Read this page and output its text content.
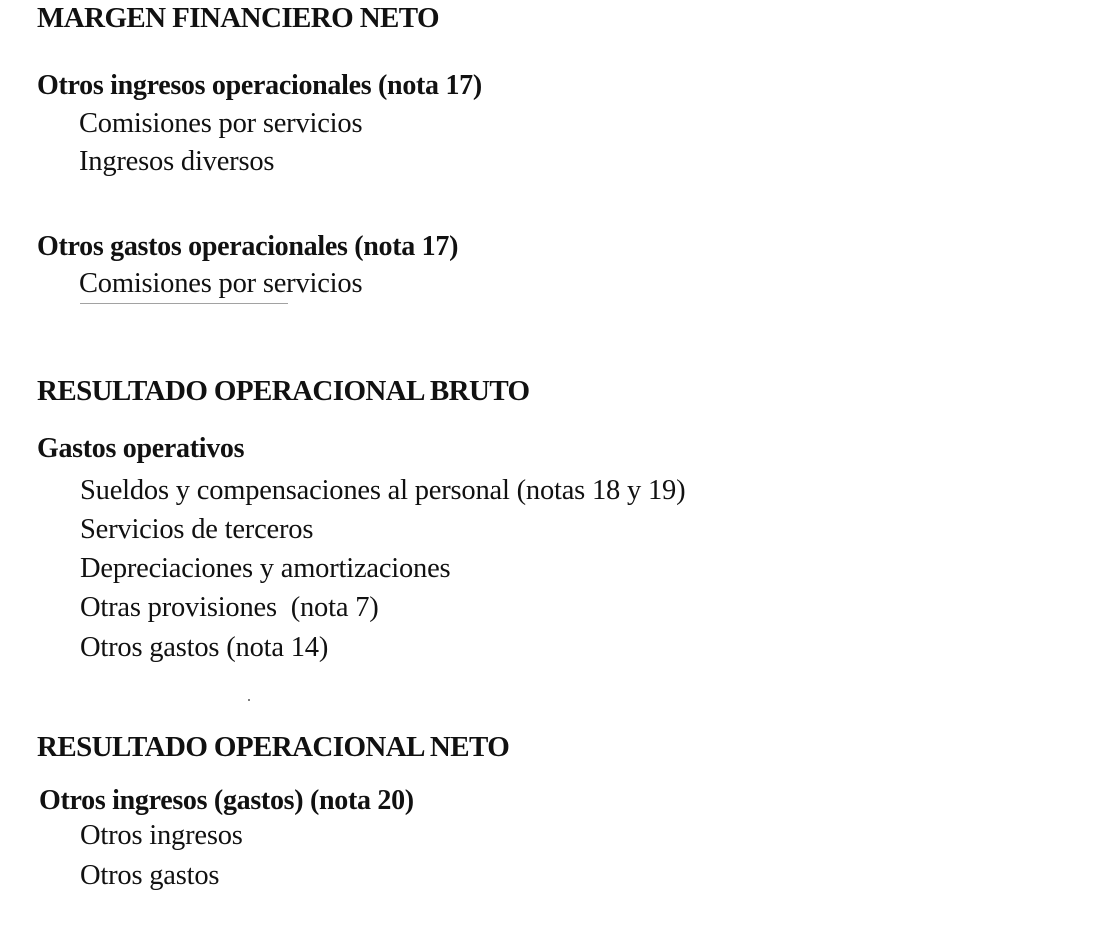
MARGEN FINANCIERO NETO
Otros ingresos operacionales (nota 17)
Comisiones por servicios
Ingresos diversos
Otros gastos operacionales (nota 17)
Comisiones por servicios
RESULTADO OPERACIONAL BRUTO
Gastos operativos
Sueldos y compensaciones al personal (notas 18 y 19)
Servicios de terceros
Depreciaciones y amortizaciones
Otras provisiones  (nota 7)
Otros gastos (nota 14)
RESULTADO OPERACIONAL NETO
Otros ingresos (gastos) (nota 20)
Otros ingresos
Otros gastos
